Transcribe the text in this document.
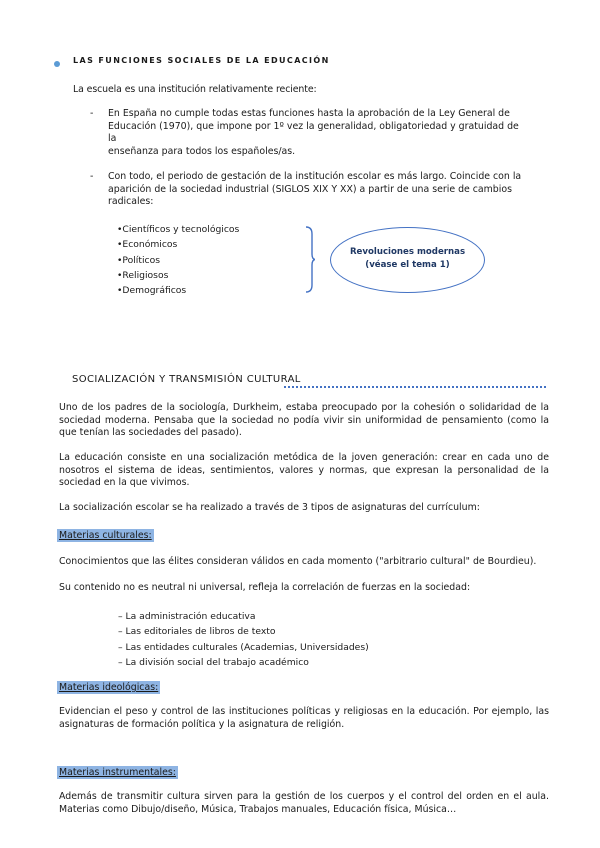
LAS FUNCIONES SOCIALES DE LA EDUCACIÓN
La escuela es una institución relativamente reciente:
- En España no cumple todas estas funciones hasta la aprobación de la Ley General de
Educación (1970), que impone por 1º vez la generalidad, obligatoriedad y gratuidad de la
enseñanza para todos los españoles/as.
- Con todo, el periodo de gestación de la institución escolar es más largo. Coincide con la
aparición de la sociedad industrial (SIGLOS XIX Y XX) a partir de una serie de cambios
radicales:
• Científicos y tecnológicos
• Económicos
• Políticos
• Religiosos
• Demográficos
Revoluciones modernas
(véase el tema 1)
SOCIALIZACIÓN Y TRANSMISIÓN CULTURAL
Uno de los padres de la sociología, Durkheim, estaba preocupado por la cohesión o solidaridad de la sociedad moderna. Pensaba que la sociedad no podía vivir sin uniformidad de pensamiento (como la que tenían las sociedades del pasado).
La educación consiste en una socialización metódica de la joven generación: crear en cada uno de nosotros el sistema de ideas, sentimientos, valores y normas, que expresan la personalidad de la sociedad en la que vivimos.
La socialización escolar se ha realizado a través de 3 tipos de asignaturas del currículum:
Materias culturales:
Conocimientos que las élites consideran válidos en cada momento ("arbitrario cultural" de Bourdieu).
Su contenido no es neutral ni universal, refleja la correlación de fuerzas en la sociedad:
– La administración educativa
– Las editoriales de libros de texto
– Las entidades culturales (Academias, Universidades)
– La división social del trabajo académico
Materias ideológicas:
Evidencian el peso y control de las instituciones políticas y religiosas en la educación. Por ejemplo, las asignaturas de formación política y la asignatura de religión.
Materias instrumentales:
Además de transmitir cultura sirven para la gestión de los cuerpos y el control del orden en el aula. Materias como Dibujo/diseño, Música, Trabajos manuales, Educación física, Música…
